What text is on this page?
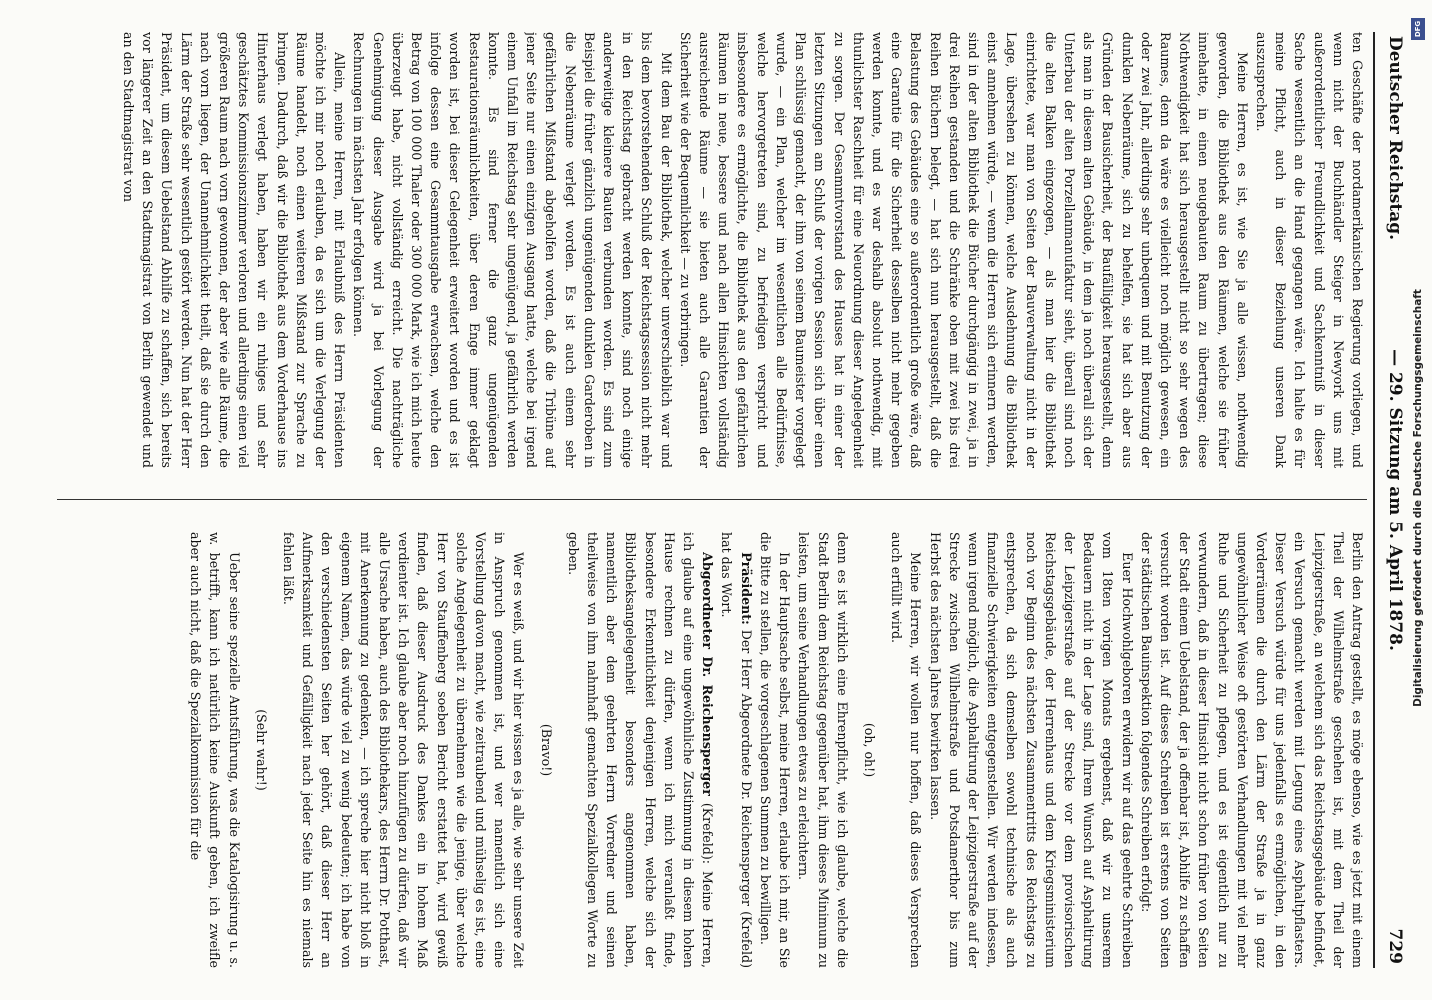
Deutscher Reichstag.
— 29. Sitzung am 5. April 1878.
729

ten Geschäfte der nordamerikanischen Regierung vorliegen, und wenn nicht der Buchhändler Steiger in Newyork uns mit außerordentlicher Freundlichkeit und Sachkenntniß in dieser Sache wesentlich an die Hand gegangen wäre. Ich halte es für meine Pflicht, auch in dieser Beziehung unseren Dank auszusprechen.

Meine Herren, es ist, wie Sie ja alle wissen, nothwendig geworden, die Bibliothek aus den Räumen, welche sie früher innehatte, in einen neugebauten Raum zu übertragen; diese Nothwendigkeit hat sich herausgestellt nicht so sehr wegen des Raumes, denn da wäre es vielleicht noch möglich gewesen, ein oder zwei Jahr, allerdings sehr unbequem und mit Benutzung der dunklen Nebenräume, sich zu behelfen, sie hat sich aber aus Gründen der Bausicherheit, der Baufälligkeit herausgestellt, denn als man in diesem alten Gebäude, in dem ja noch überall sich der Unterbau der alten Porzellanmanufaktur sieht, überall sind noch die alten Balken eingezogen, — als man hier die Bibliothek einrichtete, war man von Seiten der Bauverwaltung nicht in der Lage, übersehen zu können, welche Ausdehnung die Bibliothek einst annehmen würde, — wenn die Herren sich erinnern werden, sind in der alten Bibliothek die Bücher durchgängig in zwei, ja in drei Reihen gestanden und die Schränke oben mit zwei bis drei Reihen Büchern belegt, — hat sich nun herausgestellt, daß die Belastung des Gebäudes eine so außerordentlich große wäre, daß eine Garantie für die Sicherheit desselben nicht mehr gegeben werden konnte, und es war deshalb absolut nothwendig, mit thunlichster Raschheit für eine Neuordnung dieser Angelegenheit zu sorgen. Der Gesammtvorstand des Hauses hat in einer der letzten Sitzungen am Schluß der vorigen Session sich über einen Plan schlüssig gemacht, der ihm von seinem Baumeister vorgelegt wurde, — ein Plan, welcher im wesentlichen alle Bedürfnisse, welche hervorgetreten sind, zu befriedigen verspricht und insbesondere es ermöglichte, die Bibliothek aus den gefährlichen Räumen in neue, bessere und nach allen Hinsichten vollständig ausreichende Räume — sie bieten auch alle Garantien der Sicherheit wie der Bequemlichkeit — zu verbringen.

Mit dem Bau der Bibliothek, welcher unverschieblich war und bis dem bevorstehenden Schluß der Reichstagssession nicht mehr in den Reichstag gebracht werden konnte, sind noch einige anderweitige kleinere Bauten verbunden worden. Es sind zum Beispiel die früher gänzlich ungenügenden dunklen Garderoben in die Nebenräume verlegt worden. Es ist auch einem sehr gefährlichen Mißstand abgeholfen worden, daß die Tribüne auf jener Seite nur einen einzigen Ausgang hatte, welche bei irgend einem Unfall im Reichstag sehr ungenügend, ja gefährlich werden konnte. Es sind ferner die ganz ungenügenden Restaurationsräumlichkeiten, über deren Enge immer geklagt worden ist, bei dieser Gelegenheit erweitert worden und es ist infolge dessen eine Gesammtausgabe erwachsen, welche den Betrag von 100 000 Thaler oder 300 000 Mark, wie ich mich heute überzeugt habe, nicht vollständig erreicht. Die nachträgliche Genehmigung dieser Ausgabe wird ja bei Vorlegung der Rechnungen im nächsten Jahr erfolgen können.

Allein, meine Herren, mit Erlaubniß des Herrn Präsidenten möchte ich mir noch erlauben, da es sich um die Verlegung der Räume handelt, noch einen weiteren Mißstand zur Sprache zu bringen. Dadurch, daß wir die Bibliothek aus dem Vorderhause ins Hinterhaus verlegt haben, haben wir ein ruhiges und sehr geschätztes Kommissionszimmer verloren und allerdings einen viel größeren Raum nach vorn gewonnen, der aber wie alle Räume, die nach vorn liegen, der Unannehmlichkeit theilt, daß sie durch den Lärm der Straße sehr wesentlich gestört werden. Nun hat der Herr Präsident, um diesem Uebelstand Abhilfe zu schaffen, sich bereits vor längerer Zeit an den Stadtmagistrat von Berlin gewendet und an den Stadtmagistrat von

Berlin den Antrag gestellt, es möge ebenso, wie es jetzt mit einem Theil der Wilhelmstraße geschehen ist, mit dem Theil der Leipzigerstraße, an welchem sich das Reichstagsgebäude befindet, ein Versuch gemacht werden mit Legung eines Asphaltpflasters. Dieser Versuch würde für uns jedenfalls es ermöglichen, in den Vorderräumen die durch den Lärm der Straße ja in ganz ungewöhnlicher Weise oft gestörten Verhandlungen mit viel mehr Ruhe und Sicherheit zu pflegen, und es ist eigentlich nur zu verwundern, daß in dieser Hinsicht nicht schon früher von Seiten der Stadt einem Uebelstand, der ja offenbar ist, Abhilfe zu schaffen versucht worden ist. Auf dieses Schreiben ist erstens von Seiten der städtischen Bauinspektion folgendes Schreiben erfolgt:

Euer Hochwohlgeboren erwidern wir auf das geehrte Schreiben vom 18ten vorigen Monats ergebenst, daß wir zu unserem Bedauern nicht in der Lage sind, Ihrem Wunsch auf Asphaltirung der Leipzigerstraße auf der Strecke vor dem provisorischen Reichstagsgebäude, der Herrenhaus und dem Kriegsministerium noch vor Beginn des nächsten Zusammentritts des Reichstags zu entsprechen, da sich demselben sowohl technische als auch finanzielle Schwierigkeiten entgegenstellen. Wir werden indessen, wenn irgend möglich, die Asphaltirung der Leipzigerstraße auf der Strecke zwischen Wilhelmstraße und Potsdamerthor bis zum Herbst des nächsten Jahres bewirken lassen.

Meine Herren, wir wollen nur hoffen, daß dieses Versprechen auch erfüllt wird.

(oh, oh!)

denn es ist wirklich eine Ehrenpflicht, wie ich glaube, welche die Stadt Berlin dem Reichstag gegenüber hat, ihm dieses Minimum zu leisten, um seine Verhandlungen etwas zu erleichtern.

In der Hauptsache selbst, meine Herren, erlaube ich mir, an Sie die Bitte zu stellen, die vorgeschlagenen Summen zu bewilligen.

Präsident: Der Herr Abgeordnete Dr. Reichensperger (Krefeld) hat das Wort.

Abgeordneter Dr. Reichensperger (Krefeld): Meine Herren, ich glaube auf eine ungewöhnliche Zustimmung in diesem hohen Hause rechnen zu dürfen, wenn ich mich veranlaßt finde, besondere Erkenntlichkeit denjenigen Herren, welche sich der Bibliotheksangelegenheit besonders angenommen haben, namentlich aber dem geehrten Herrn Vorredner und seinen theilweise von ihm nahmhaft gemachten Spezialkollegen Worte zu geben.

(Bravo!)

Wer es weiß, und wir hier wissen es ja alle, wie sehr unsere Zeit in Anspruch genommen ist, und wer namentlich sich eine Vorstellung davon macht, wie zeitraubend und mühselig es ist, eine solche Angelegenheit zu übernehmen wie die jenige, über welche Herr von Stauffenberg soeben Bericht erstattet hat, wird gewiß finden, daß dieser Ausdruck des Dankes ein in hohem Maß verdienter ist. Ich glaube aber noch hinzufügen zu dürfen, daß wir alle Ursache haben, auch des Bibliothekars, des Herrn Dr. Potthast, mit Anerkennung zu gedenken, — ich spreche hier nicht bloß in eigenem Namen, das würde viel zu wenig bedeuten; ich habe von den verschiedensten Seiten her gehört, daß dieser Herr an Aufmerksamkeit und Gefälligkeit nach jeder Seite hin es niemals fehlen läßt.

(Sehr wahr!)

Ueber seine spezielle Amtsführung, was die Katalogisirung u. s. w. betrifft, kann ich natürlich keine Auskunft geben, ich zweifle aber auch nicht, daß die Spezialkommission für die

DFG
Digitalisierung gefördert durch die Deutsche Forschungsgemeinschaft
